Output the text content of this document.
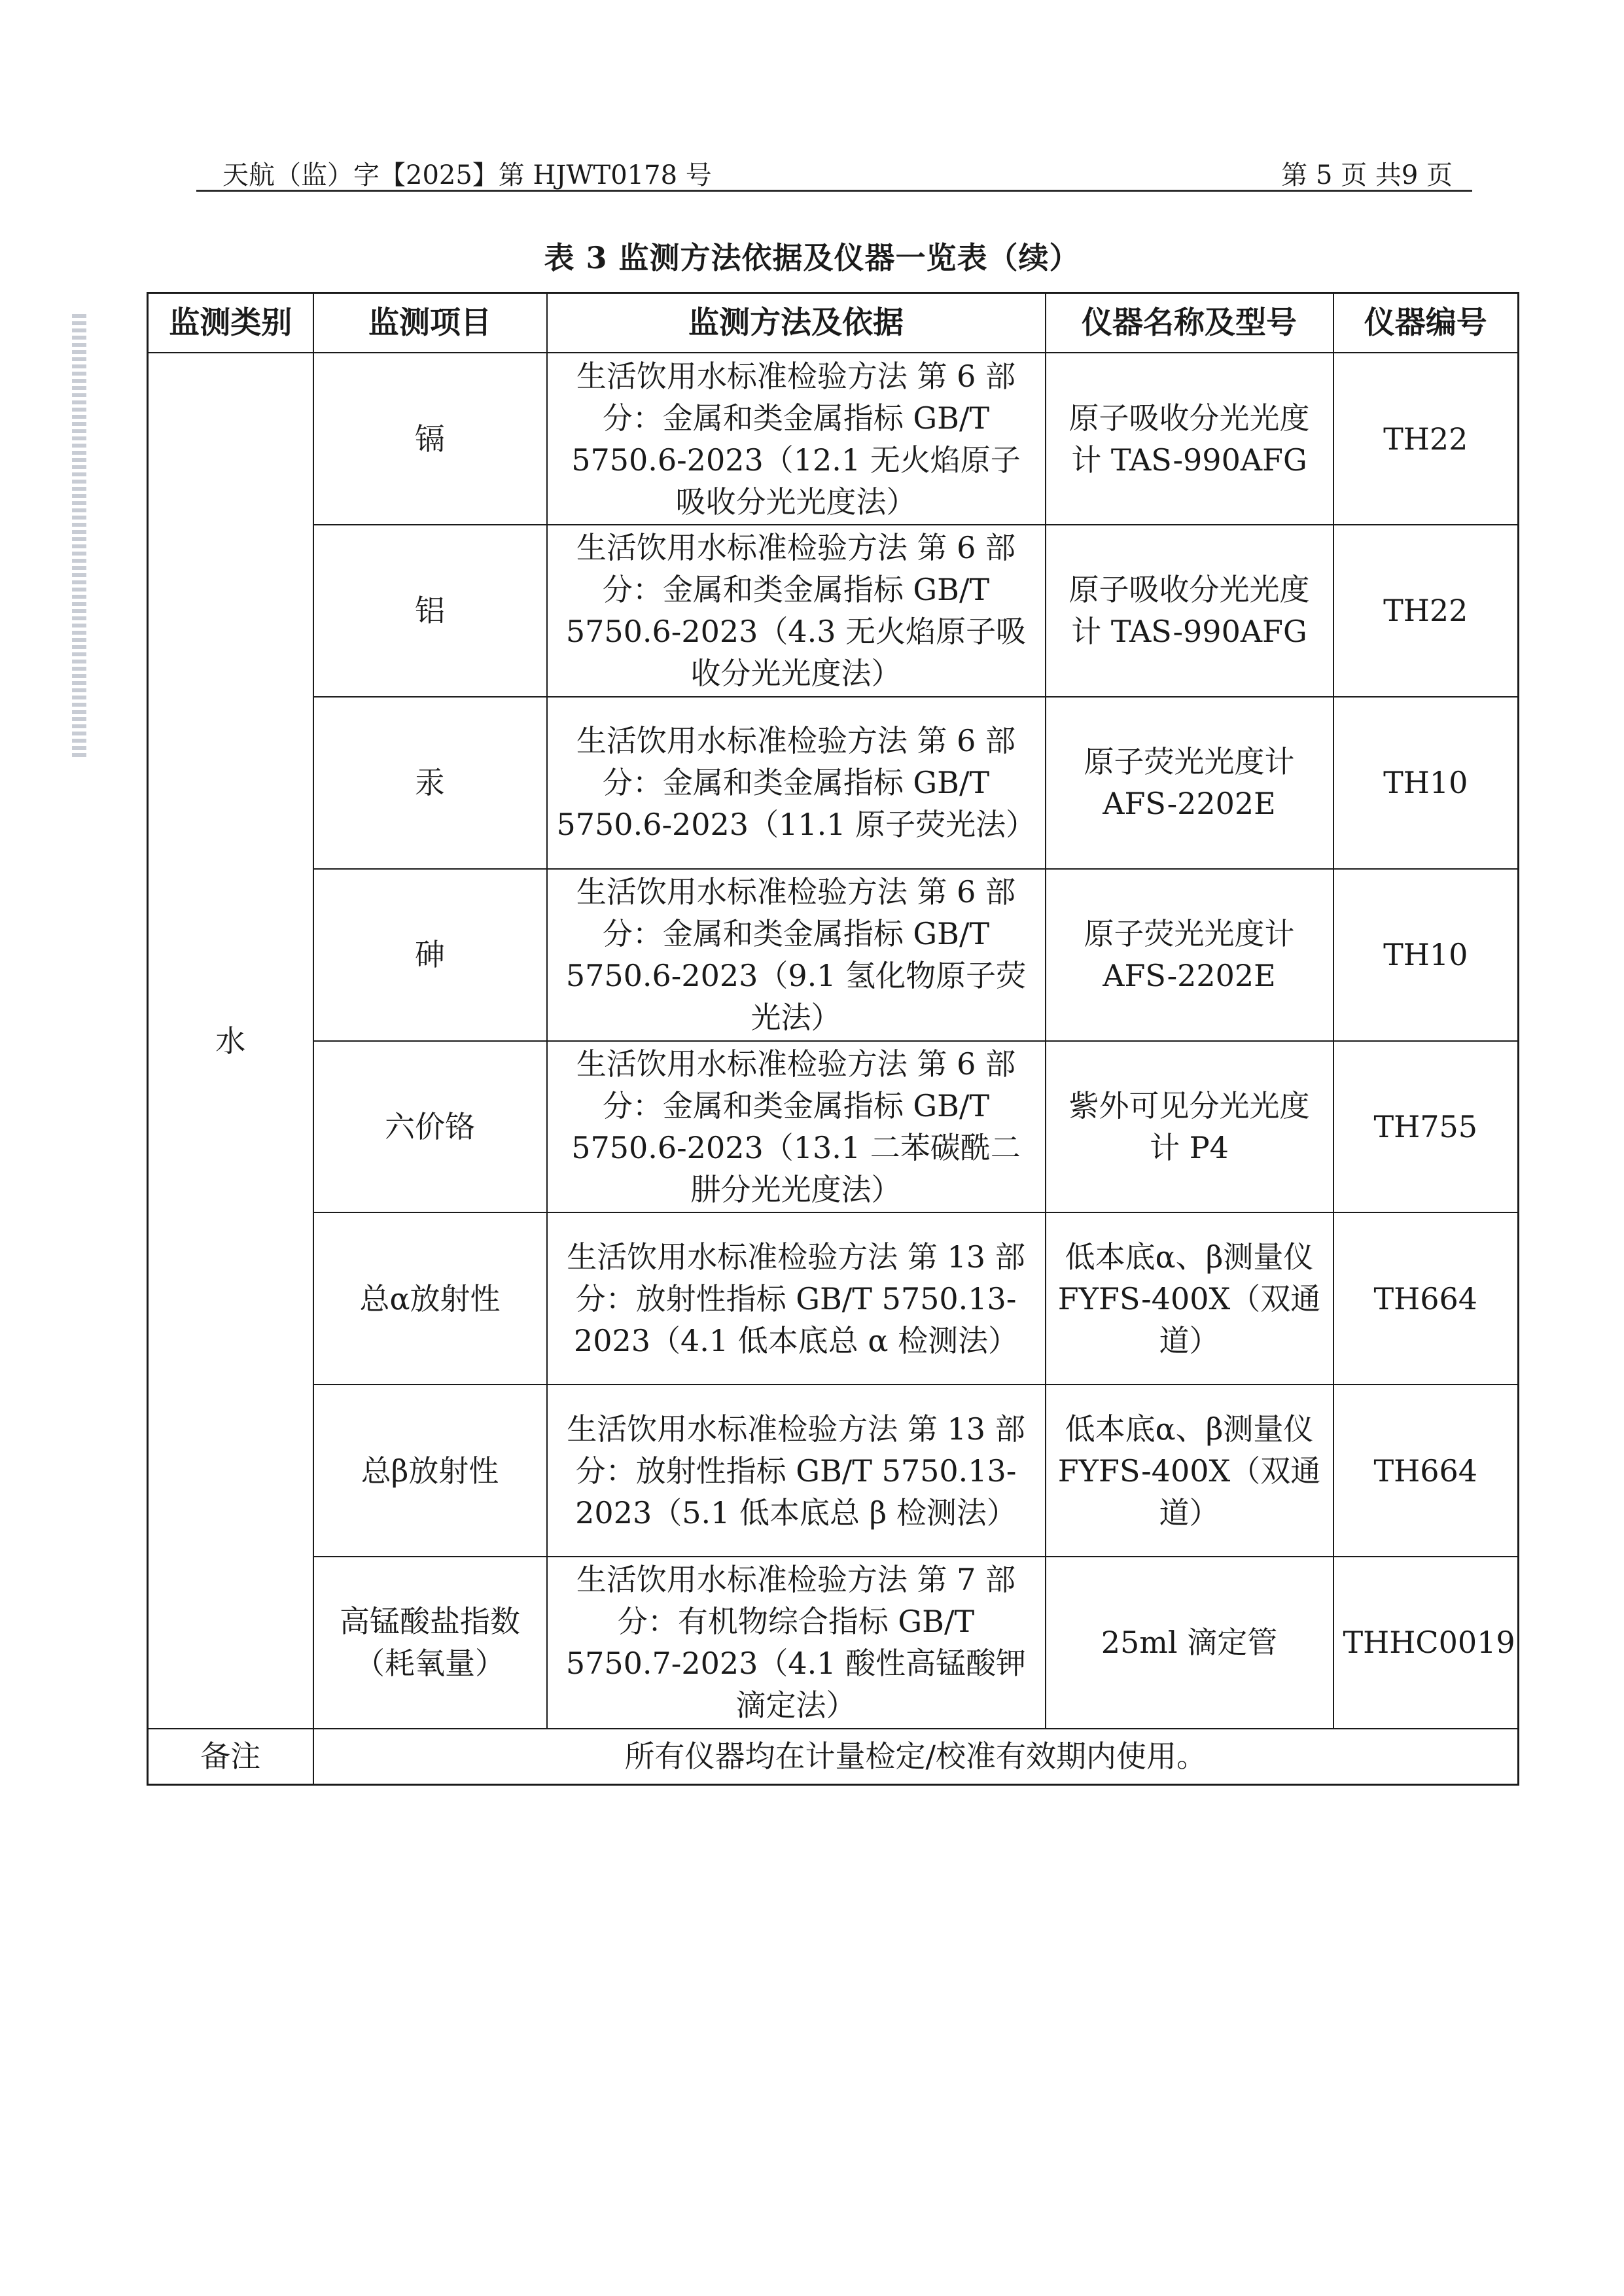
天航（监）字【2025】第 HJWT0178 号	第 5 页 共9 页
表 3 监测方法依据及仪器一览表（续）
监测类别	监测项目	监测方法及依据	仪器名称及型号	仪器编号
水	镉	生活饮用水标准检验方法 第 6 部分：金属和类金属指标 GB/T 5750.6-2023（12.1 无火焰原子吸收分光光度法）	原子吸收分光光度计 TAS-990AFG	TH22
	铝	生活饮用水标准检验方法 第 6 部分：金属和类金属指标 GB/T 5750.6-2023（4.3 无火焰原子吸收分光光度法）	原子吸收分光光度计 TAS-990AFG	TH22
	汞	生活饮用水标准检验方法 第 6 部分：金属和类金属指标 GB/T 5750.6-2023（11.1 原子荧光法）	原子荧光光度计 AFS-2202E	TH10
	砷	生活饮用水标准检验方法 第 6 部分：金属和类金属指标 GB/T 5750.6-2023（9.1 氢化物原子荧光法）	原子荧光光度计 AFS-2202E	TH10
	六价铬	生活饮用水标准检验方法 第 6 部分：金属和类金属指标 GB/T 5750.6-2023（13.1 二苯碳酰二肼分光光度法）	紫外可见分光光度计 P4	TH755
	总α放射性	生活饮用水标准检验方法 第 13 部分：放射性指标 GB/T 5750.13-2023（4.1 低本底总 α 检测法）	低本底α、β测量仪 FYFS-400X（双通道）	TH664
	总β放射性	生活饮用水标准检验方法 第 13 部分：放射性指标 GB/T 5750.13-2023（5.1 低本底总 β 检测法）	低本底α、β测量仪 FYFS-400X（双通道）	TH664
	高锰酸盐指数（耗氧量）	生活饮用水标准检验方法 第 7 部分：有机物综合指标 GB/T 5750.7-2023（4.1 酸性高锰酸钾滴定法）	25ml 滴定管	THHC0019
备注	所有仪器均在计量检定/校准有效期内使用。			
